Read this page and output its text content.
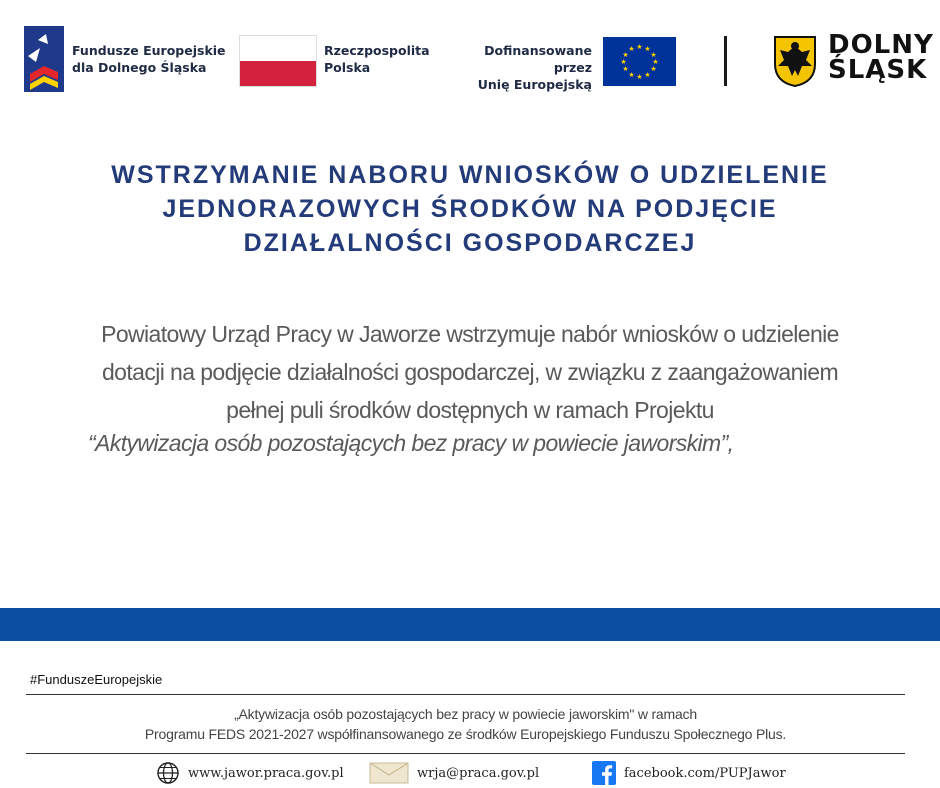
Fundusze Europejskie
dla Dolnego Śląska
Rzeczpospolita
Polska
Dofinansowane przez
Unię Europejską
★ ★
★
★
★
★
★
★
★
★
★
★	DOLNY
ŚLĄSK
WSTRZYMANIE NABORU WNIOSKÓW O UDZIELENIE
JEDNORAZOWYCH ŚRODKÓW NA PODJĘCIE
DZIAŁALNOŚCI GOSPODARCZEJ

Powiatowy Urząd Pracy w Jaworze wstrzymuje nabór wniosków o udzielenie
dotacji na podjęcie działalności gospodarczej, w związku z zaangażowaniem
pełnej puli środków dostępnych w ramach Projektu

“Aktywizacja osób pozostających bez pracy w powiecie jaworskim”,

#FunduszeEuropejskie
„Aktywizacja osób pozostających bez pracy w powiecie jaworskim" w ramach
Programu FEDS 2021-2027 współfinansowanego ze środków Europejskiego Funduszu Społecznego Plus.
www.jawor.praca.gov.pl	wrja@praca.gov.pl	facebook.com/PUPJawor
